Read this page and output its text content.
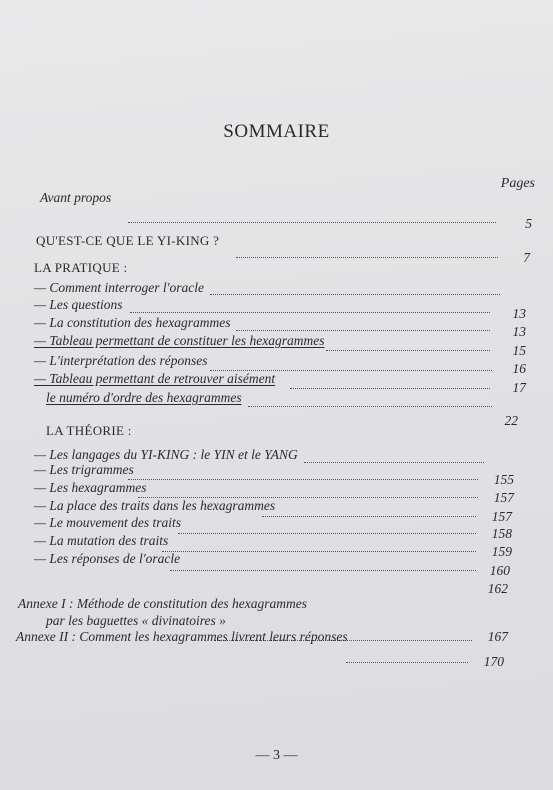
SOMMAIRE
Pages
Avant propos
5
QU'EST-CE QUE LE YI-KING ?
7
LA PRATIQUE :
— Comment interroger l'oracle
— Les questions
13
— La constitution des hexagrammes
13
— Tableau permettant de constituer les hexagrammes
15
— L'interprétation des réponses
16
— Tableau permettant de retrouver aisément
17
le numéro d'ordre des hexagrammes
22
LA THÉORIE :
— Les langages du YI-KING : le YIN et le YANG
— Les trigrammes
155
— Les hexagrammes
157
— La place des traits dans les hexagrammes
157
— Le mouvement des traits
158
— La mutation des traits
159
— Les réponses de l'oracle
160
Annexe I : Méthode de constitution des hexagrammes
162
par les baguettes « divinatoires »
167
Annexe II : Comment les hexagrammes livrent leurs réponses
170
— 3 —
